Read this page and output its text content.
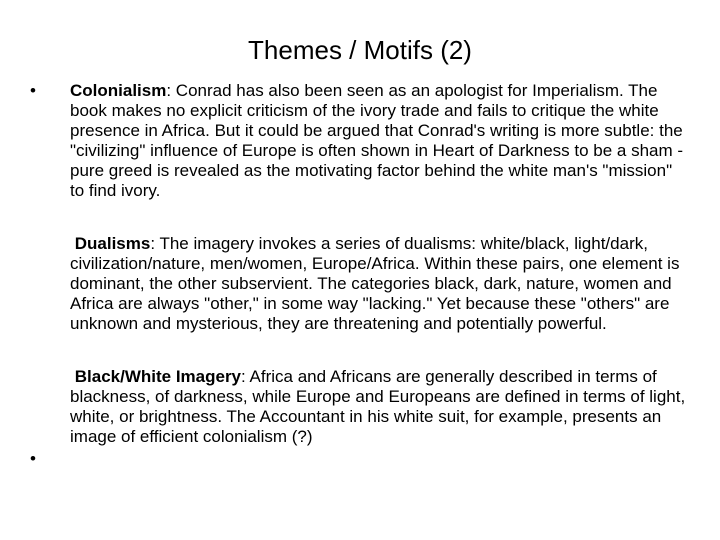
Themes / Motifs (2)
• Colonialism: Conrad has also been seen as an apologist for Imperialism. The book makes no explicit criticism of the ivory trade and fails to critique the white presence in Africa. But it could be argued that Conrad's writing is more subtle: the "civilizing" influence of Europe is often shown in Heart of Darkness to be a sham - pure greed is revealed as the motivating factor behind the white man's "mission" to find ivory.
Dualisms: The imagery invokes a series of dualisms: white/black, light/dark, civilization/nature, men/women, Europe/Africa. Within these pairs, one element is dominant, the other subservient. The categories black, dark, nature, women and Africa are always "other," in some way "lacking." Yet because these "others" are unknown and mysterious, they are threatening and potentially powerful.
Black/White Imagery: Africa and Africans are generally described in terms of blackness, of darkness, while Europe and Europeans are defined in terms of light, white, or brightness. The Accountant in his white suit, for example, presents an image of efficient colonialism (?)
•
